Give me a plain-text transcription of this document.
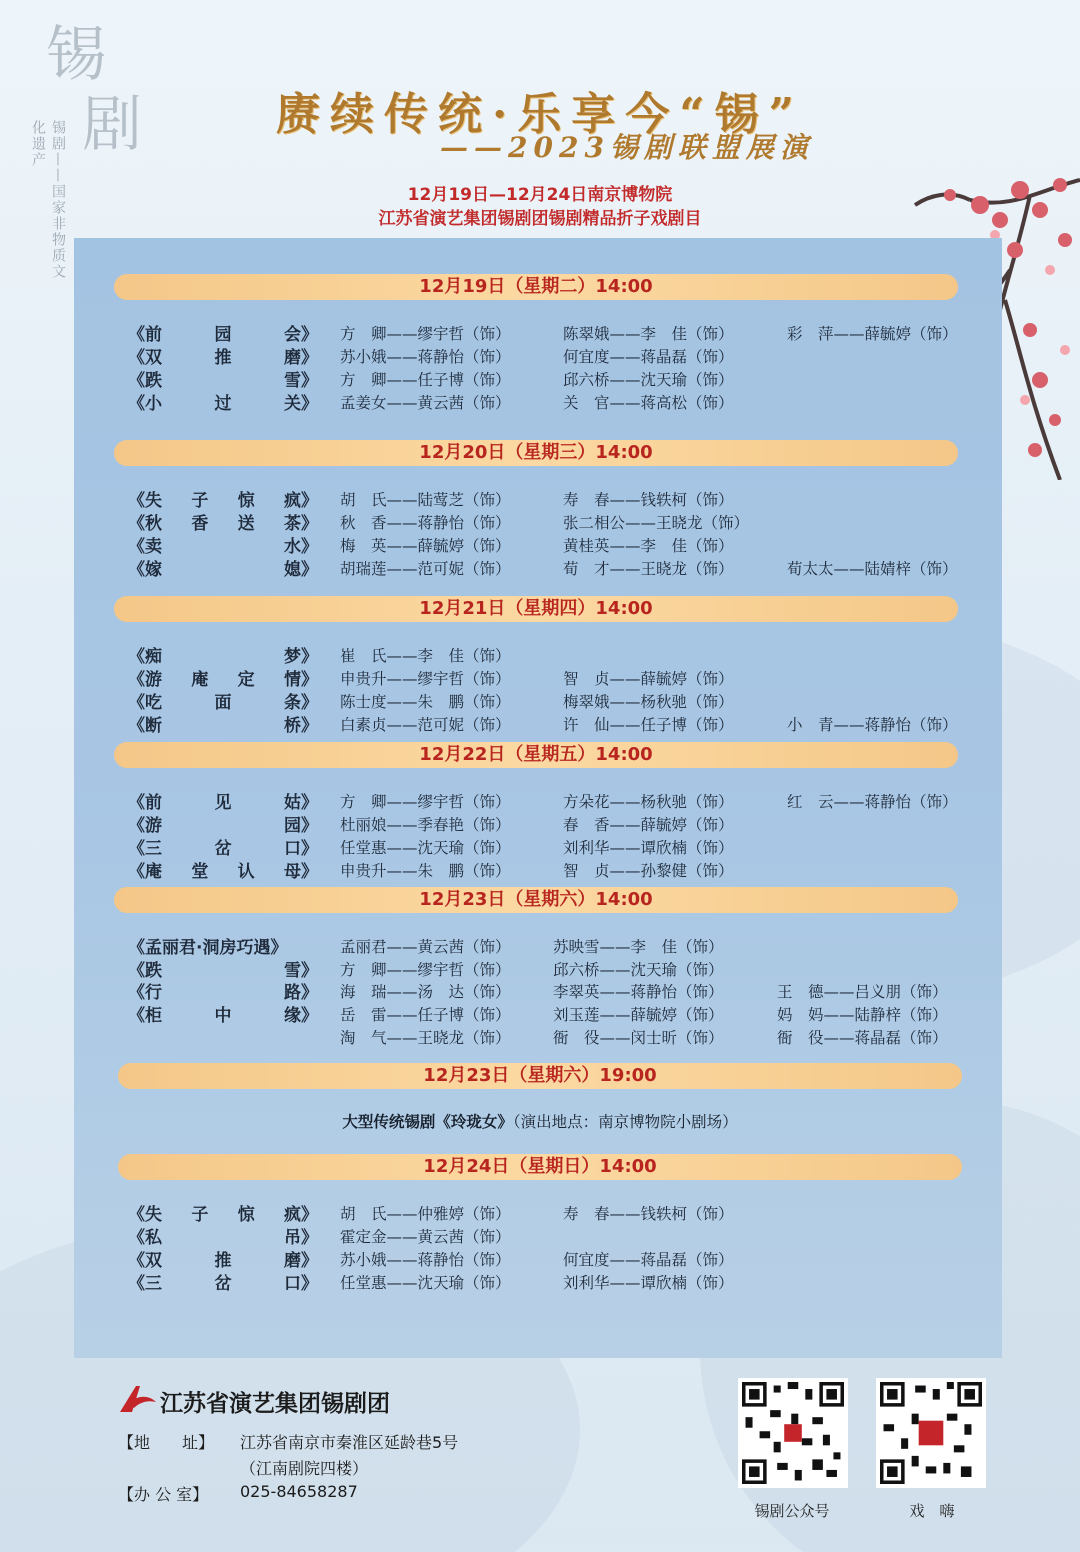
锡
剧
锡剧——国家非物质文化遗产
赓续传统·乐享今“锡”
——2023锡剧联盟展演
12月19日—12月24日南京博物院
江苏省演艺集团锡剧团锡剧精品折子戏剧目
12月19日（星期二）14:00
《前	园	会》 方　卿——缪宇哲（饰）	陈翠娥——李　佳（饰）	彩　萍——薛毓婷（饰）
《双	推	磨》 苏小娥——蒋静怡（饰）	何宜度——蒋晶磊（饰）
《跌	雪》 方　卿——任子博（饰）	邱六桥——沈天瑜（饰）
《小	过	关》 孟姜女——黄云茜（饰）	关　官——蒋高松（饰）
12月20日（星期三）14:00
《失 子 惊 疯》 胡　氏——陆莺芝（饰）	寿　春——钱轶柯（饰）
《秋 香 送 茶》 秋　香——蒋静怡（饰）	张二相公——王晓龙（饰）
《卖	水》 梅　英——薛毓婷（饰）	黄桂英——李　佳（饰）
《嫁	媳》 胡瑞莲——范可妮（饰）	荀　才——王晓龙（饰）	荀太太——陆婧梓（饰）
12月21日（星期四）14:00
《痴	梦》 崔　氏——李　佳（饰）
《游 庵 定 情》 申贵升——缪宇哲（饰）	智　贞——薛毓婷（饰）
《吃	面	条》 陈士度——朱　鹏（饰）	梅翠娥——杨秋驰（饰）
《断	桥》 白素贞——范可妮（饰）	许　仙——任子博（饰）	小　青——蒋静怡（饰）
12月22日（星期五）14:00
《前	见	姑》 方　卿——缪宇哲（饰）	方朵花——杨秋驰（饰）	红　云——蒋静怡（饰）
《游	园》 杜丽娘——季春艳（饰）	春　香——薛毓婷（饰）
《三	岔	口》 任堂惠——沈天瑜（饰）	刘利华——谭欣楠（饰）
《庵 堂 认 母》 申贵升——朱　鹏（饰）	智　贞——孙黎健（饰）
12月23日（星期六）14:00
《孟丽君·洞房巧遇》	孟丽君——黄云茜（饰）	苏映雪——李　佳（饰）
《跌	雪》 方　卿——缪宇哲（饰）	邱六桥——沈天瑜（饰）
《行	路》 海　瑞——汤　达（饰）	李翠英——蒋静怡（饰）	王　德——吕义朋（饰）
《柜	中	缘》 岳　雷——任子博（饰）	刘玉莲——薛毓婷（饰）	妈　妈——陆静梓（饰）
淘　气——王晓龙（饰）	衙　役——闵士昕（饰）	衙　役——蒋晶磊（饰）
12月23日（星期六）19:00
12月24日（星期日）14:00
《失 子 惊 疯》 胡　氏——仲雅婷（饰）	寿　春——钱轶柯（饰）
《私	吊》 霍定金——黄云茜（饰）
《双	推	磨》 苏小娥——蒋静怡（饰）	何宜度——蒋晶磊（饰）
《三	岔	口》 任堂惠——沈天瑜（饰）	刘利华——谭欣楠（饰）
大型传统锡剧《玲珑女》（演出地点：南京博物院小剧场）
江苏省演艺集团锡剧团
【地　　址】 江苏省南京市秦淮区延龄巷5号
（江南剧院四楼）
【办 公 室】 025-84658287
锡剧公众号	戏　嗨
